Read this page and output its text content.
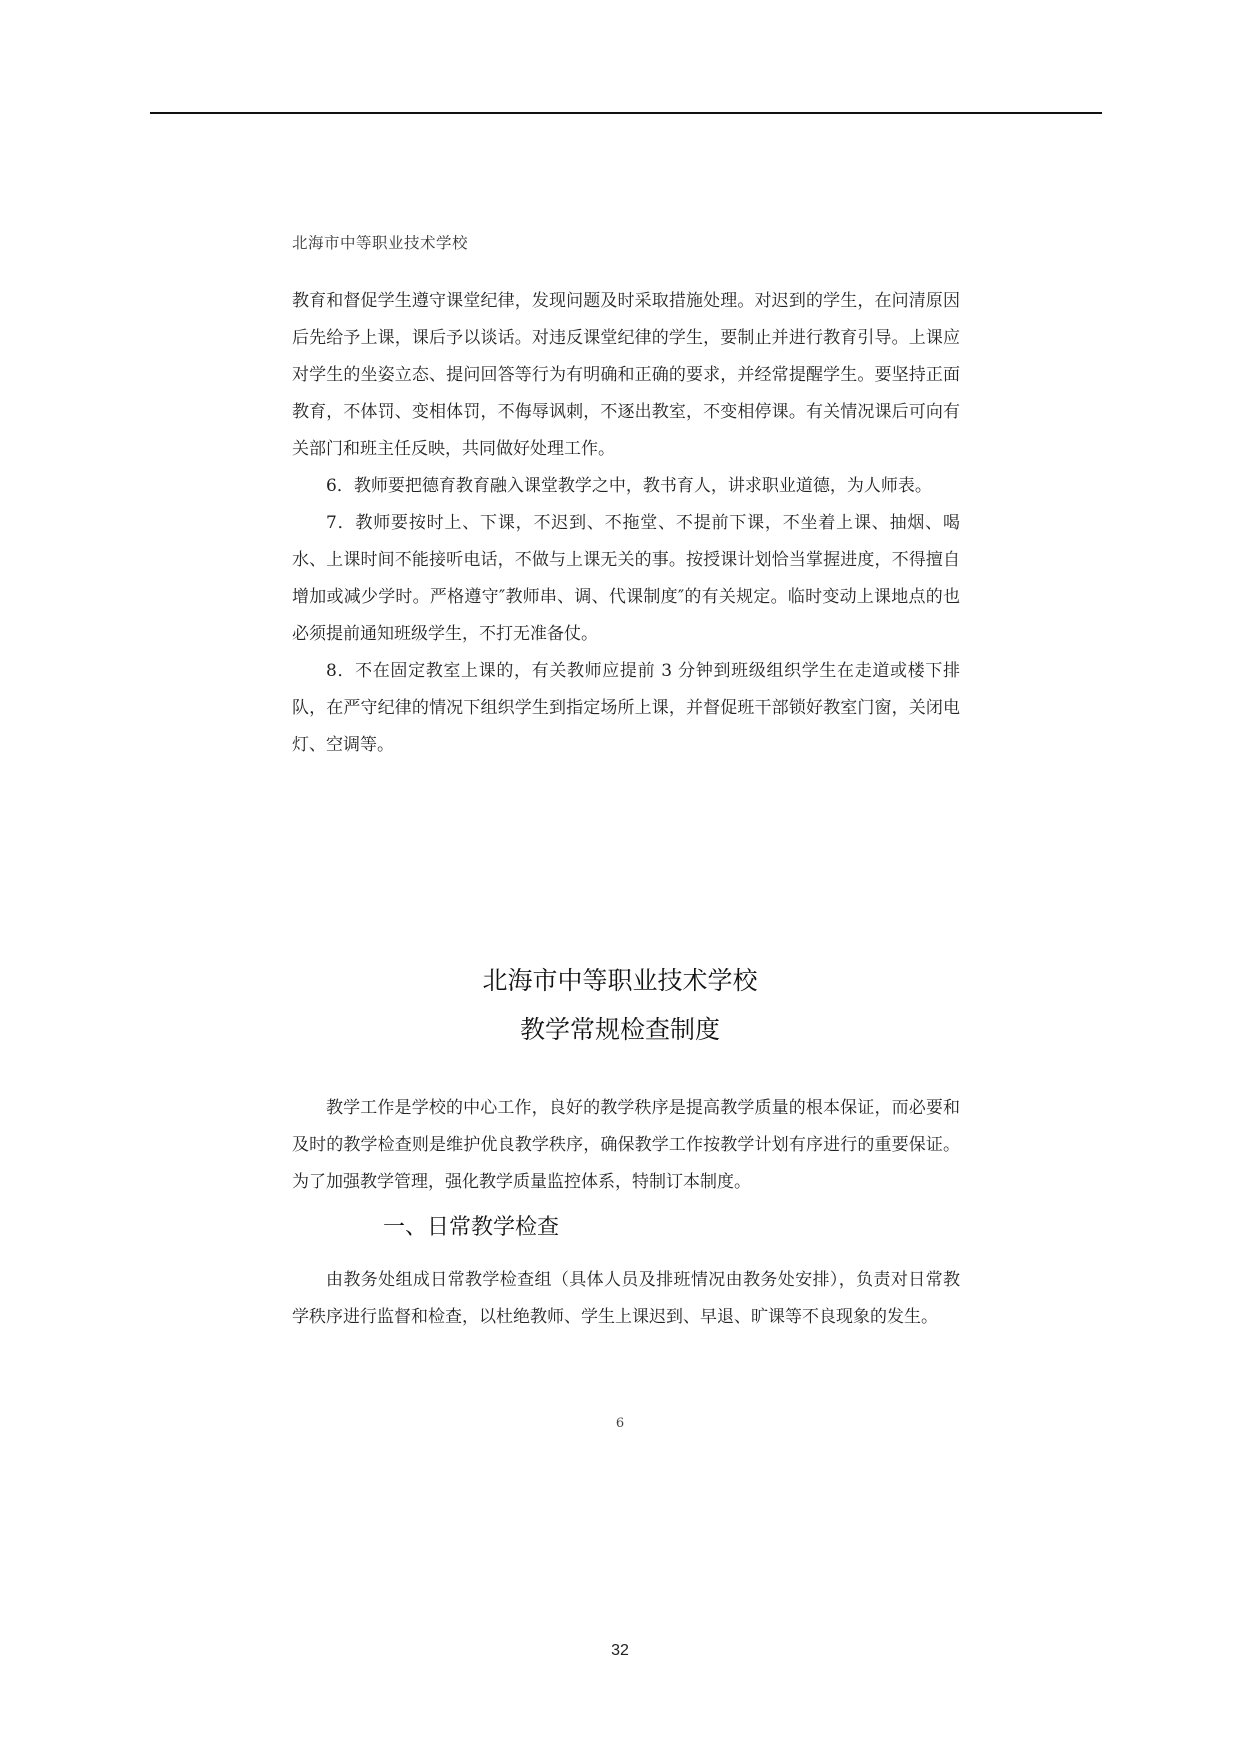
北海市中等职业技术学校

教育和督促学生遵守课堂纪律，发现问题及时采取措施处理。对迟到的学生，在问清原因后先给予上课，课后予以谈话。对违反课堂纪律的学生，要制止并进行教育引导。上课应对学生的坐姿立态、提问回答等行为有明确和正确的要求，并经常提醒学生。要坚持正面教育，不体罚、变相体罚，不侮辱讽刺，不逐出教室，不变相停课。有关情况课后可向有关部门和班主任反映，共同做好处理工作。

6．教师要把德育教育融入课堂教学之中，教书育人，讲求职业道德，为人师表。

7．教师要按时上、下课，不迟到、不拖堂、不提前下课，不坐着上课、抽烟、喝水、上课时间不能接听电话，不做与上课无关的事。按授课计划恰当掌握进度，不得擅自增加或减少学时。严格遵守″教师串、调、代课制度″的有关规定。临时变动上课地点的也必须提前通知班级学生，不打无准备仗。

8．不在固定教室上课的，有关教师应提前 3 分钟到班级组织学生在走道或楼下排队，在严守纪律的情况下组织学生到指定场所上课，并督促班干部锁好教室门窗，关闭电灯、空调等。

北海市中等职业技术学校
教学常规检查制度

教学工作是学校的中心工作，良好的教学秩序是提高教学质量的根本保证，而必要和及时的教学检查则是维护优良教学秩序，确保教学工作按教学计划有序进行的重要保证。为了加强教学管理，强化教学质量监控体系，特制订本制度。

一、日常教学检查

由教务处组成日常教学检查组（具体人员及排班情况由教务处安排），负责对日常教学秩序进行监督和检查，以杜绝教师、学生上课迟到、早退、旷课等不良现象的发生。

6
32
